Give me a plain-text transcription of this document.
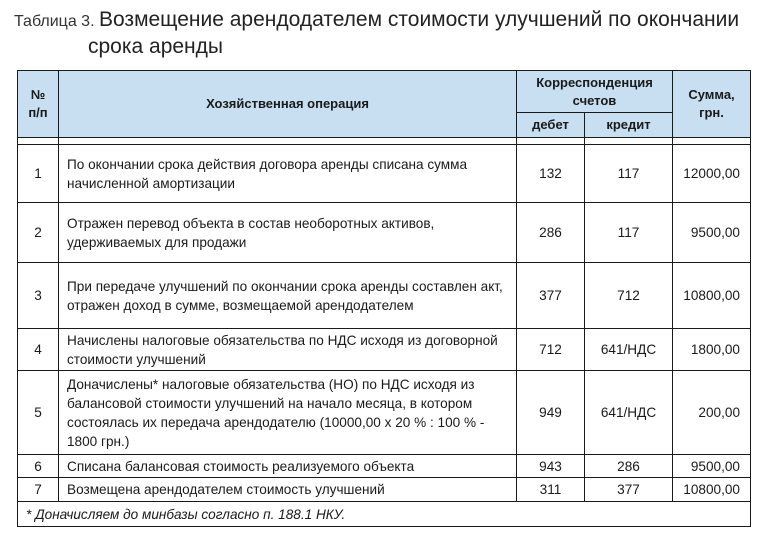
Таблица 3. Возмещение арендодателем стоимости улучшений по окончании
срока аренды
№ п/п	Хозяйственная операция	Корреспонденция счетов		Сумма, грн.
		дебет	кредит	

1	По окончании срока действия договора аренды списана сумма начисленной амортизации	132	117	12000,00
2	Отражен перевод объекта в состав необоротных активов, удерживаемых для продажи	286	117	9500,00
3	При передаче улучшений по окончании срока аренды составлен акт, отражен доход в сумме, возмещаемой арендодателем	377	712	10800,00
4	Начислены налоговые обязательства по НДС исходя из договорной стоимости улучшений	712	641/НДС	1800,00
5	Доначислены* налоговые обязательства (НО) по НДС исходя из балансовой стоимости улучшений на начало месяца, в котором состоялась их передача арендодателю (10000,00 х 20 % : 100 % - 1800 грн.)	949	641/НДС	200,00
6	Списана балансовая стоимость реализуемого объекта	943	286	9500,00
7	Возмещена арендодателем стоимость улучшений	311	377	10800,00
* Доначисляем до минбазы согласно п. 188.1 НКУ.				
